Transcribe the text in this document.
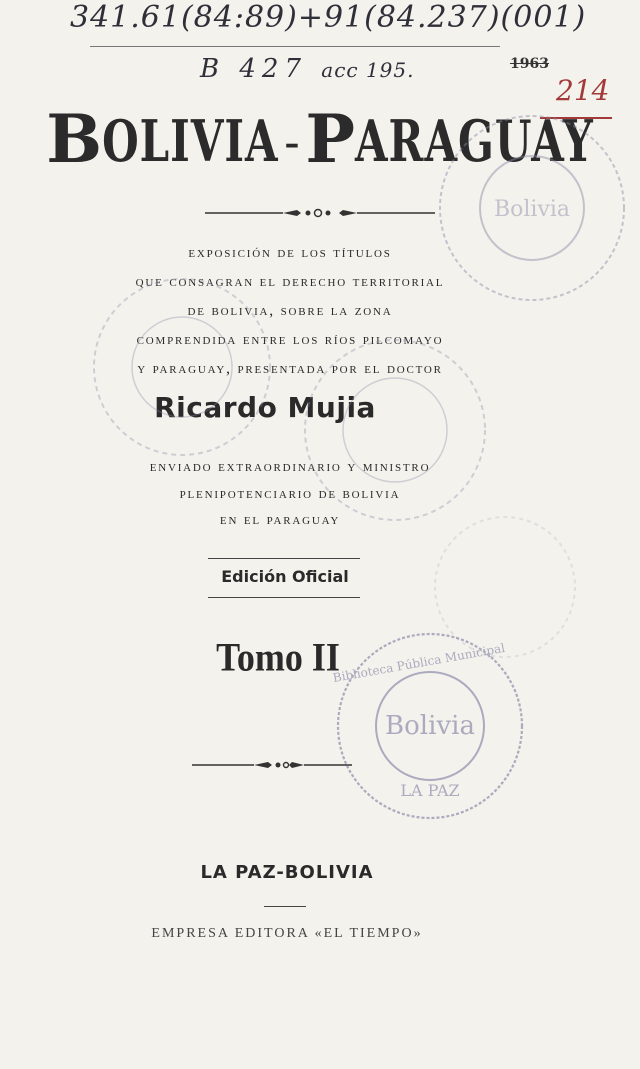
341.61(84:89)+91(84.237)(001)
B 427 acc 195.	1963
214
BOLIVIA -PARAGUAY
exposición de los títulos
que consagran el derecho territorial
de bolivia, sobre la zona
comprendida entre los ríos pilcomayo
y paraguay, presentada por el doctor
Ricardo Mujia
enviado extraordinario y ministro
plenipotenciario de bolivia
en el paraguay
Edición Oficial
Tomo II
LA PAZ-BOLIVIA
EMPRESA EDITORA «EL TIEMPO»
Bolivia
Biblioteca Pública Municipal
Bolivia
LA PAZ
